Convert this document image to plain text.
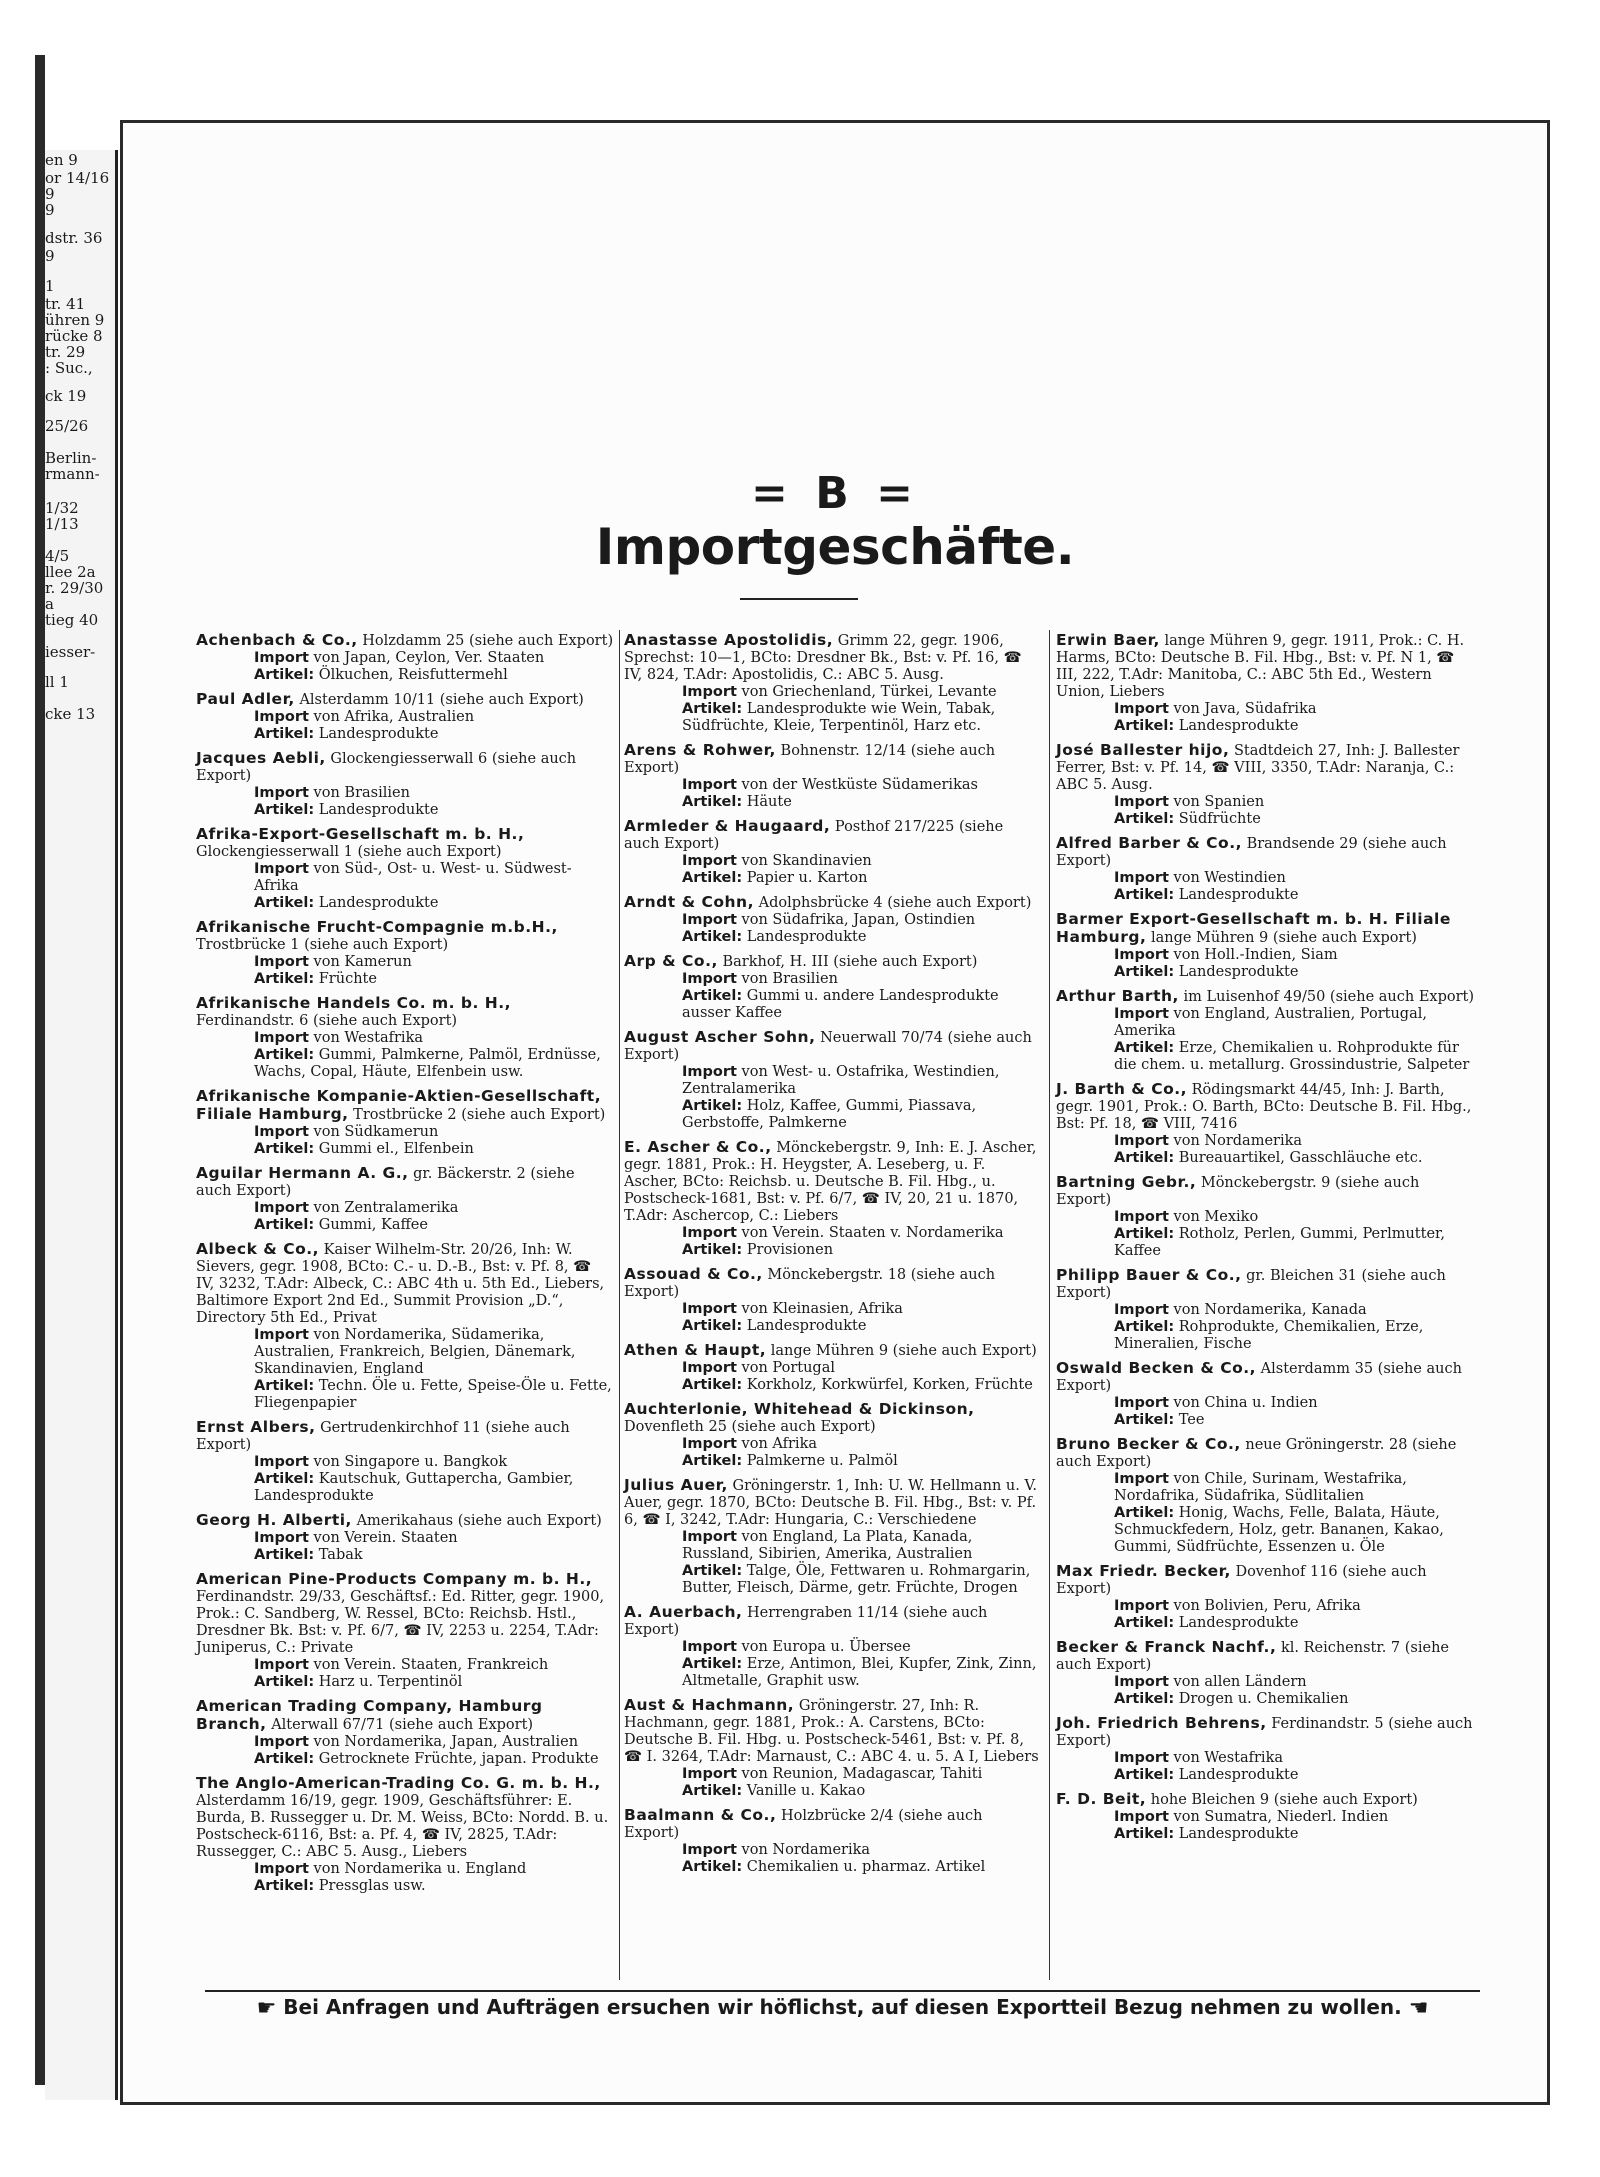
en 9
or 14/16
9
9
dstr. 36
9
1
tr. 41
ühren 9
rücke 8
tr. 29
: Suc.,
ck 19
25/26
Berlin-
rmann-
1/32
1/13
4/5
llee 2a
r. 29/30
a
tieg 40
iesser-
ll 1
cke 13
= B =
Importgeschäfte.
Achenbach & Co., Holzdamm 25 (siehe auch Export)
Import von Japan, Ceylon, Ver. Staaten
Artikel: Ölkuchen, Reisfuttermehl
Paul Adler, Alsterdamm 10/11 (siehe auch Export)
Import von Afrika, Australien
Artikel: Landesprodukte
Jacques Aebli, Glockengiesserwall 6 (siehe auch Export)
Import von Brasilien
Artikel: Landesprodukte
Afrika-Export-Gesellschaft m. b. H., Glockengiesserwall 1 (siehe auch Export)
Import von Süd-, Ost- u. West- u. Südwest-Afrika
Artikel: Landesprodukte
Afrikanische Frucht-Compagnie m.b.H., Trostbrücke 1 (siehe auch Export)
Import von Kamerun
Artikel: Früchte
Afrikanische Handels Co. m. b. H., Ferdinandstr. 6 (siehe auch Export)
Import von Westafrika
Artikel: Gummi, Palmkerne, Palmöl, Erdnüsse, Wachs, Copal, Häute, Elfenbein usw.
Afrikanische Kompanie-Aktien-Gesellschaft, Filiale Hamburg, Trostbrücke 2 (siehe auch Export)
Import von Südkamerun
Artikel: Gummi el., Elfenbein
Aguilar Hermann A. G., gr. Bäckerstr. 2 (siehe auch Export)
Import von Zentralamerika
Artikel: Gummi, Kaffee
Albeck & Co., Kaiser Wilhelm-Str. 20/26, Inh: W. Sievers, gegr. 1908, BCto: C.- u. D.-B., Bst: v. Pf. 8, ☎ IV, 3232, T.Adr: Albeck, C.: ABC 4th u. 5th Ed., Liebers, Baltimore Export 2nd Ed., Summit Provision „D.“, Directory 5th Ed., Privat
Import von Nordamerika, Südamerika, Australien, Frankreich, Belgien, Dänemark, Skandinavien, England
Artikel: Techn. Öle u. Fette, Speise-Öle u. Fette, Fliegenpapier
Ernst Albers, Gertrudenkirchhof 11 (siehe auch Export)
Import von Singapore u. Bangkok
Artikel: Kautschuk, Guttapercha, Gambier, Landesprodukte
Georg H. Alberti, Amerikahaus (siehe auch Export)
Import von Verein. Staaten
Artikel: Tabak
American Pine-Products Company m. b. H., Ferdinandstr. 29/33, Geschäftsf.: Ed. Ritter, gegr. 1900, Prok.: C. Sandberg, W. Ressel, BCto: Reichsb. Hstl., Dresdner Bk. Bst: v. Pf. 6/7, ☎ IV, 2253 u. 2254, T.Adr: Juniperus, C.: Private
Import von Verein. Staaten, Frankreich
Artikel: Harz u. Terpentinöl
American Trading Company, Hamburg Branch, Alterwall 67/71 (siehe auch Export)
Import von Nordamerika, Japan, Australien
Artikel: Getrocknete Früchte, japan. Produkte
The Anglo-American-Trading Co. G. m. b. H., Alsterdamm 16/19, gegr. 1909, Geschäftsführer: E. Burda, B. Russegger u. Dr. M. Weiss, BCto: Nordd. B. u. Postscheck-6116, Bst: a. Pf. 4, ☎ IV, 2825, T.Adr: Russegger, C.: ABC 5. Ausg., Liebers
Import von Nordamerika u. England
Artikel: Pressglas usw.
Anastasse Apostolidis, Grimm 22, gegr. 1906, Sprechst: 10—1, BCto: Dresdner Bk., Bst: v. Pf. 16, ☎ IV, 824, T.Adr: Apostolidis, C.: ABC 5. Ausg.
Import von Griechenland, Türkei, Levante
Artikel: Landesprodukte wie Wein, Tabak, Südfrüchte, Kleie, Terpentinöl, Harz etc.
Arens & Rohwer, Bohnenstr. 12/14 (siehe auch Export)
Import von der Westküste Südamerikas
Artikel: Häute
Armleder & Haugaard, Posthof 217/225 (siehe auch Export)
Import von Skandinavien
Artikel: Papier u. Karton
Arndt & Cohn, Adolphsbrücke 4 (siehe auch Export)
Import von Südafrika, Japan, Ostindien
Artikel: Landesprodukte
Arp & Co., Barkhof, H. III (siehe auch Export)
Import von Brasilien
Artikel: Gummi u. andere Landesprodukte ausser Kaffee
August Ascher Sohn, Neuerwall 70/74 (siehe auch Export)
Import von West- u. Ostafrika, Westindien, Zentralamerika
Artikel: Holz, Kaffee, Gummi, Piassava, Gerbstoffe, Palmkerne
E. Ascher & Co., Mönckebergstr. 9, Inh: E. J. Ascher, gegr. 1881, Prok.: H. Heygster, A. Leseberg, u. F. Ascher, BCto: Reichsb. u. Deutsche B. Fil. Hbg., u. Postscheck-1681, Bst: v. Pf. 6/7, ☎ IV, 20, 21 u. 1870, T.Adr: Aschercop, C.: Liebers
Import von Verein. Staaten v. Nordamerika
Artikel: Provisionen
Assouad & Co., Mönckebergstr. 18 (siehe auch Export)
Import von Kleinasien, Afrika
Artikel: Landesprodukte
Athen & Haupt, lange Mühren 9 (siehe auch Export)
Import von Portugal
Artikel: Korkholz, Korkwürfel, Korken, Früchte
Auchterlonie, Whitehead & Dickinson, Dovenfleth 25 (siehe auch Export)
Import von Afrika
Artikel: Palmkerne u. Palmöl
Julius Auer, Gröningerstr. 1, Inh: U. W. Hellmann u. V. Auer, gegr. 1870, BCto: Deutsche B. Fil. Hbg., Bst: v. Pf. 6, ☎ I, 3242, T.Adr: Hungaria, C.: Verschiedene
Import von England, La Plata, Kanada, Russland, Sibirien, Amerika, Australien
Artikel: Talge, Öle, Fettwaren u. Rohmargarin, Butter, Fleisch, Därme, getr. Früchte, Drogen
A. Auerbach, Herrengraben 11/14 (siehe auch Export)
Import von Europa u. Übersee
Artikel: Erze, Antimon, Blei, Kupfer, Zink, Zinn, Altmetalle, Graphit usw.
Aust & Hachmann, Gröningerstr. 27, Inh: R. Hachmann, gegr. 1881, Prok.: A. Carstens, BCto: Deutsche B. Fil. Hbg. u. Postscheck-5461, Bst: v. Pf. 8, ☎ I. 3264, T.Adr: Marnaust, C.: ABC 4. u. 5. A I, Liebers
Import von Reunion, Madagascar, Tahiti
Artikel: Vanille u. Kakao
Baalmann & Co., Holzbrücke 2/4 (siehe auch Export)
Import von Nordamerika
Artikel: Chemikalien u. pharmaz. Artikel
Erwin Baer, lange Mühren 9, gegr. 1911, Prok.: C. H. Harms, BCto: Deutsche B. Fil. Hbg., Bst: v. Pf. N 1, ☎ III, 222, T.Adr: Manitoba, C.: ABC 5th Ed., Western Union, Liebers
Import von Java, Südafrika
Artikel: Landesprodukte
José Ballester hijo, Stadtdeich 27, Inh: J. Ballester Ferrer, Bst: v. Pf. 14, ☎ VIII, 3350, T.Adr: Naranja, C.: ABC 5. Ausg.
Import von Spanien
Artikel: Südfrüchte
Alfred Barber & Co., Brandsende 29 (siehe auch Export)
Import von Westindien
Artikel: Landesprodukte
Barmer Export-Gesellschaft m. b. H. Filiale Hamburg, lange Mühren 9 (siehe auch Export)
Import von Holl.-Indien, Siam
Artikel: Landesprodukte
Arthur Barth, im Luisenhof 49/50 (siehe auch Export)
Import von England, Australien, Portugal, Amerika
Artikel: Erze, Chemikalien u. Rohprodukte für die chem. u. metallurg. Grossindustrie, Salpeter
J. Barth & Co., Rödingsmarkt 44/45, Inh: J. Barth, gegr. 1901, Prok.: O. Barth, BCto: Deutsche B. Fil. Hbg., Bst: Pf. 18, ☎ VIII, 7416
Import von Nordamerika
Artikel: Bureauartikel, Gasschläuche etc.
Bartning Gebr., Mönckebergstr. 9 (siehe auch Export)
Import von Mexiko
Artikel: Rotholz, Perlen, Gummi, Perlmutter, Kaffee
Philipp Bauer & Co., gr. Bleichen 31 (siehe auch Export)
Import von Nordamerika, Kanada
Artikel: Rohprodukte, Chemikalien, Erze, Mineralien, Fische
Oswald Becken & Co., Alsterdamm 35 (siehe auch Export)
Import von China u. Indien
Artikel: Tee
Bruno Becker & Co., neue Gröningerstr. 28 (siehe auch Export)
Import von Chile, Surinam, Westafrika, Nordafrika, Südafrika, Südlitalien
Artikel: Honig, Wachs, Felle, Balata, Häute, Schmuckfedern, Holz, getr. Bananen, Kakao, Gummi, Südfrüchte, Essenzen u. Öle
Max Friedr. Becker, Dovenhof 116 (siehe auch Export)
Import von Bolivien, Peru, Afrika
Artikel: Landesprodukte
Becker & Franck Nachf., kl. Reichenstr. 7 (siehe auch Export)
Import von allen Ländern
Artikel: Drogen u. Chemikalien
Joh. Friedrich Behrens, Ferdinandstr. 5 (siehe auch Export)
Import von Westafrika
Artikel: Landesprodukte
F. D. Beit, hohe Bleichen 9 (siehe auch Export)
Import von Sumatra, Niederl. Indien
Artikel: Landesprodukte
☛ Bei Anfragen und Aufträgen ersuchen wir höflichst, auf diesen Exportteil Bezug nehmen zu wollen. ☚
